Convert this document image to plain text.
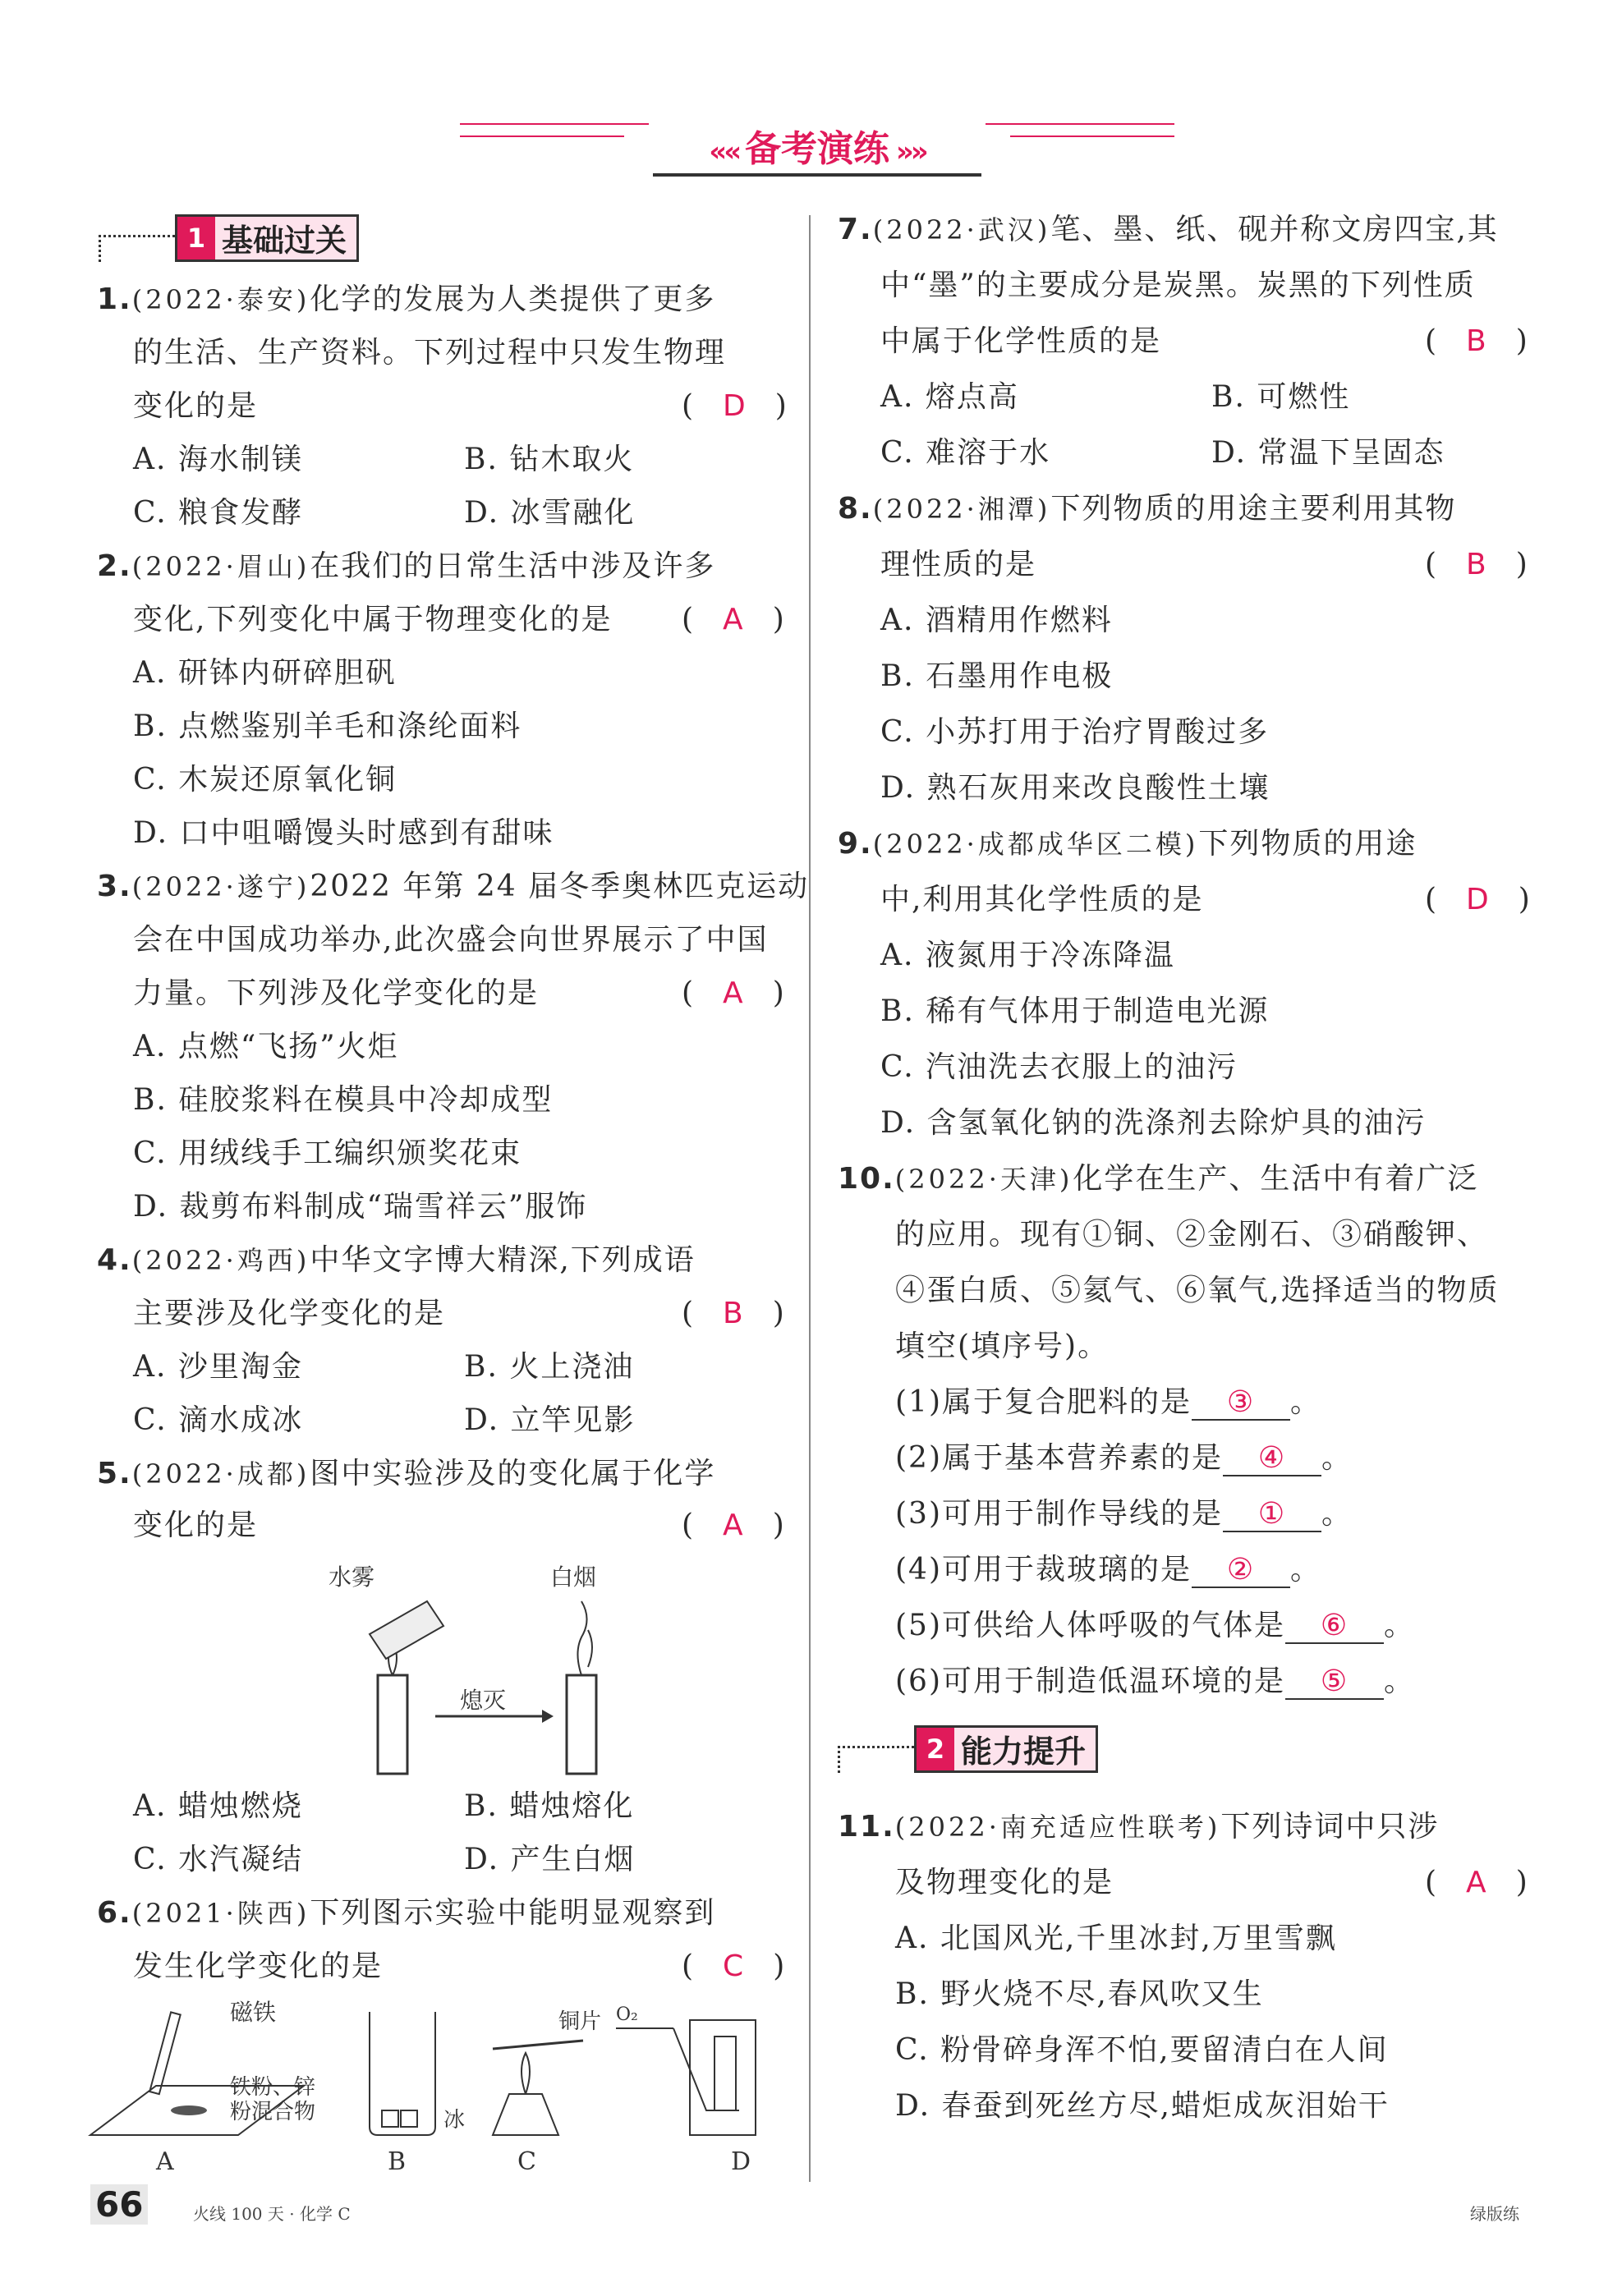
«« 备考演练 »»
1 基础过关
1.(2022·泰安)化学的发展为人类提供了更多
的生活、生产资料。下列过程中只发生物理
变化的是	(　D　)
A. 海水制镁	B. 钻木取火
C. 粮食发酵	D. 冰雪融化
2.(2022·眉山)在我们的日常生活中涉及许多
变化,下列变化中属于物理变化的是 (　A　)
A. 研钵内研碎胆矾
B. 点燃鉴别羊毛和涤纶面料
C. 木炭还原氧化铜
D. 口中咀嚼馒头时感到有甜味
3.(2022·遂宁)2022 年第 24 届冬季奥林匹克运动
会在中国成功举办,此次盛会向世界展示了中国
力量。下列涉及化学变化的是	(　A　)
A. 点燃“飞扬”火炬
B. 硅胶浆料在模具中冷却成型
C. 用绒线手工编织颁奖花束
D. 裁剪布料制成“瑞雪祥云”服饰
4.(2022·鸡西)中华文字博大精深,下列成语
主要涉及化学变化的是	(　B　)
A. 沙里淘金	B. 火上浇油
C. 滴水成冰	D. 立竿见影
5.(2022·成都)图中实验涉及的变化属于化学
变化的是	(　A　)
熄灭
水雾	白烟
A. 蜡烛燃烧	B. 蜡烛熔化
C. 水汽凝结	D. 产生白烟
6.(2021·陕西)下列图示实验中能明显观察到
发生化学变化的是	(　C　)
磁铁
铁粉、锌
粉混合物
A
冰
B
铜片
C
O₂
D
7.(2022·武汉)笔、墨、纸、砚并称文房四宝,其
中“墨”的主要成分是炭黑。炭黑的下列性质
中属于化学性质的是	(　B　)
A. 熔点高	B. 可燃性
C. 难溶于水	D. 常温下呈固态
8.(2022·湘潭)下列物质的用途主要利用其物
理性质的是	(　B　)
A. 酒精用作燃料
B. 石墨用作电极
C. 小苏打用于治疗胃酸过多
D. 熟石灰用来改良酸性土壤
9.(2022·成都成华区二模)下列物质的用途
中,利用其化学性质的是	(　D　)
A. 液氮用于冷冻降温
B. 稀有气体用于制造电光源
C. 汽油洗去衣服上的油污
D. 含氢氧化钠的洗涤剂去除炉具的油污
10.(2022·天津)化学在生产、生活中有着广泛
的应用。现有①铜、②金刚石、③硝酸钾、
④蛋白质、⑤氦气、⑥氧气,选择适当的物质
填空(填序号)。
(1)属于复合肥料的是 ③ 。
(2)属于基本营养素的是 ④ 。
(3)可用于制作导线的是 ① 。
(4)可用于裁玻璃的是 ② 。
(5)可供给人体呼吸的气体是 ⑥ 。
(6)可用于制造低温环境的是 ⑤ 。
2 能力提升
11.(2022·南充适应性联考)下列诗词中只涉
及物理变化的是	(　A　)
A. 北国风光,千里冰封,万里雪飘
B. 野火烧不尽,春风吹又生
C. 粉骨碎身浑不怕,要留清白在人间
D. 春蚕到死丝方尽,蜡炬成灰泪始干
66	火线 100 天 · 化学 C	绿版练
